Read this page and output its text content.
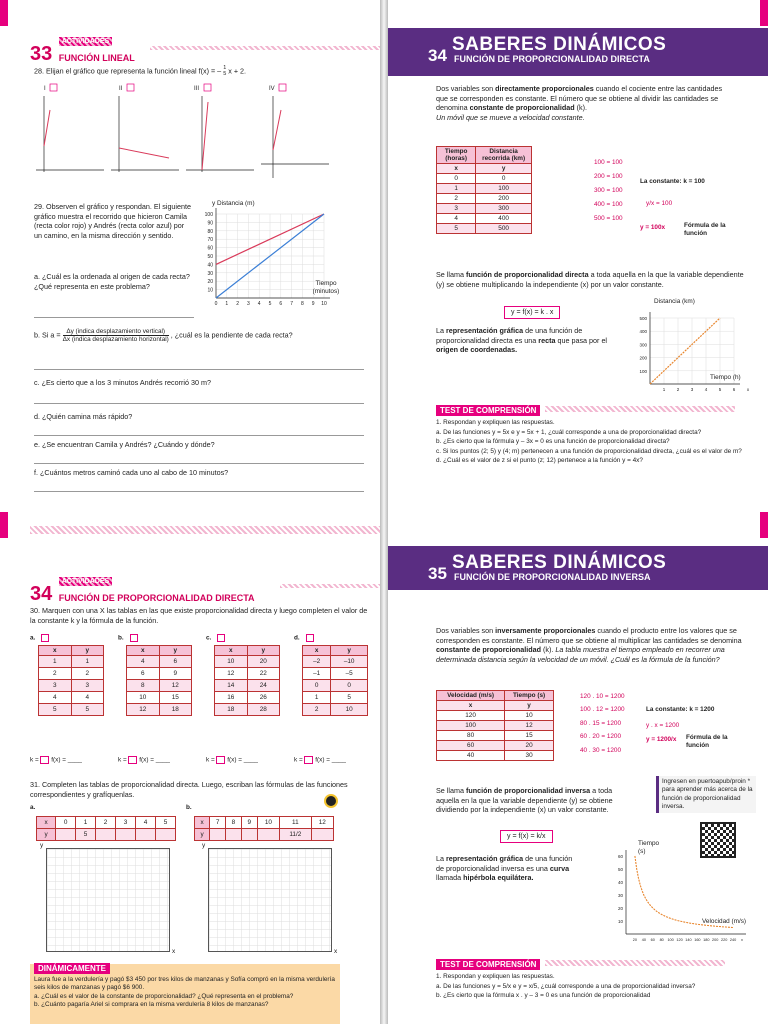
33 ACTIVIDADES
FUNCIÓN LINEAL
28. Elijan el gráfico que representa la función lineal f(x) = – 1
5 x + 2.
I	II	III	IV
29. Observen el gráfico y respondan. El siguiente gráfico muestra el recorrido que hicieron Camila (recta color rojo) y Andrés (recta color azul) por un camino, en la misma dirección y sentido.
a. ¿Cuál es la ordenada al origen de cada recta? ¿Qué representa en este problema?
y Distancia (m)
100
90
80
70
60
50
40
30
20
10
0 1 2 3 4 5 6 7 8 9 10
Tiempo (minutos)
b. Si a = Δy (indica desplazamiento vertical)
Δx (indica desplazamiento horizontal) , ¿cuál es la pendiente de cada recta?
c. ¿Es cierto que a los 3 minutos Andrés recorrió 30 m?
d. ¿Quién camina más rápido?
e. ¿Se encuentran Camila y Andrés? ¿Cuándo y dónde?
f. ¿Cuántos metros caminó cada uno al cabo de 10 minutos?
SABERES DINÁMICOS
34 FUNCIÓN DE PROPORCIONALIDAD DIRECTA
Dos variables son directamente proporcionales cuando el cociente entre las cantidades que se corresponden es constante. El número que se obtiene al dividir las cantidades se denomina constante de proporcionalidad (k).
Un móvil que se mueve a velocidad constante.
Tiempo (horas)	Distancia recorrida (km)
x	y
0	0
1	100
2	200
3	300
4	400
5	500
100 = 100
200 = 100
300 = 100
400 = 100
500 = 100
La constante: k = 100
y/x = 100
y = 100x	Fórmula de la función
Se llama función de proporcionalidad directa a toda aquella en la que la variable dependiente (y) se obtiene multiplicando la independiente (x) por un valor constante.
y = f(x) = k . x
La representación gráfica de una función de proporcionalidad directa es una recta que pasa por el origen de coordenadas.
Distancia (km)
500
400
300
200
100
1	2	3	4	5	6	x
Tiempo (h)
TEST DE COMPRENSIÓN
1. Respondan y expliquen las respuestas.
a. De las funciones y = 5x e y = 5x + 1, ¿cuál corresponde a una de proporcionalidad directa?
b. ¿Es cierto que la fórmula y – 3x = 0 es una función de proporcionalidad directa?
c. Si los puntos (2; 5) y (4; m) pertenecen a una función de proporcionalidad directa, ¿cuál es el valor de m?
d. ¿Cuál es el valor de z si el punto (z; 12) pertenece a la función y = 4x?
34 ACTIVIDADES
FUNCIÓN DE PROPORCIONALIDAD DIRECTA
30. Marquen con una X las tablas en las que existe proporcionalidad directa y luego completen el valor de la constante k y la fórmula de la función.
a.
x	y
1	1
2	2
3	3
4	4
5	5
b.
x	y
4	6
6	9
8	12
10	15
12	18
c.
x	y
10	20
12	22
14	24
16	26
18	28
d.
x	y
–2	–10
–1	–5
0	0
1	5
2	10
k =  f(x) = ____	k =  f(x) = ____	k =  f(x) = ____	k =  f(x) = ____
31. Completen las tablas de proporcionalidad directa. Luego, escriban las fórmulas de las funciones correspondientes y grafíquenlas.
a.	b.
x	0	1	2	3	4	5
y		5				
x	7	8	9	10	11	12
y					11/2	
y
x
y
x
DINÁMICAMENTE
Laura fue a la verdulería y pagó $3 450 por tres kilos de manzanas y Sofía compró en la misma verdulería seis kilos de manzanas y pagó $6 900.
a. ¿Cuál es el valor de la constante de proporcionalidad? ¿Qué representa en el problema?
b. ¿Cuánto pagaría Ariel si comprara en la misma verdulería 8 kilos de manzanas?
SABERES DINÁMICOS
35 FUNCIÓN DE PROPORCIONALIDAD INVERSA
Dos variables son inversamente proporcionales cuando el producto entre los valores que se corresponden es constante. El número que se obtiene al multiplicar las cantidades se denomina constante de proporcionalidad (k). La tabla muestra el tiempo empleado en recorrer una determinada distancia según la velocidad de un móvil. ¿Cuál es la fórmula de la función?
Velocidad (m/s)	Tiempo (s)
x	y
120	10
100	12
80	15
60	20
40	30
120 . 10 = 1200
100 . 12 = 1200
80 . 15 = 1200
60 . 20 = 1200
40 . 30 = 1200
La constante: k = 1200
y . x = 1200
y = 1200/x Fórmula de la función
Se llama función de proporcionalidad inversa a toda aquella en la que la variable dependiente (y) se obtiene dividiendo por la independiente (x) un valor constante.
y = f(x) = k/x
Ingresen en puertoapub/proin * para aprender más acerca de la función de proporcionalidad inversa.
La representación gráfica de una función de proporcionalidad inversa es una curva llamada hipérbola equilátera.
Tiempo (s)
60
50
40
30
20
10
20 40 60 80 100 120 140 160 180 200 220 240 x
Velocidad (m/s)
TEST DE COMPRENSIÓN
1. Respondan y expliquen las respuestas.
a. De las funciones y = 5/x e y = x/5, ¿cuál corresponde a una de proporcionalidad inversa?
b. ¿Es cierto que la fórmula x . y – 3 = 0 es una función de proporcionalidad
